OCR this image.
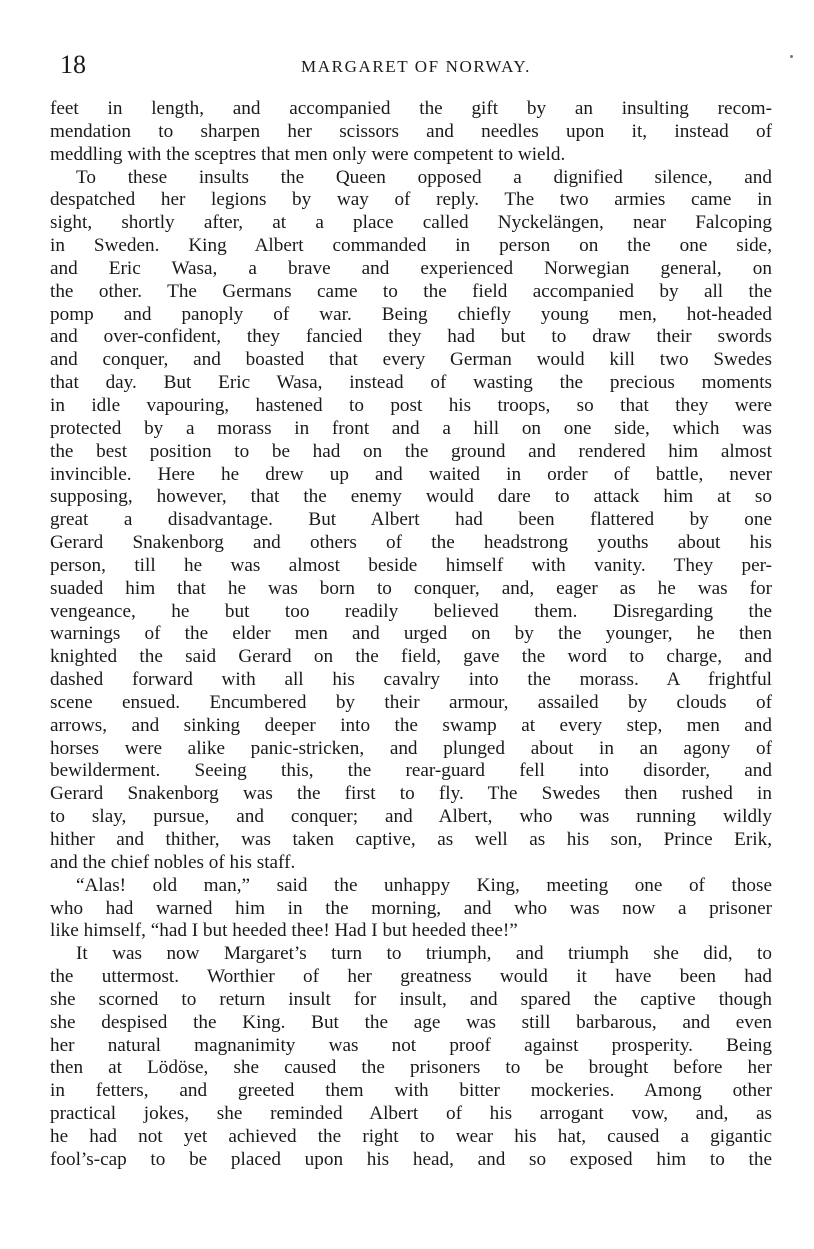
18	MARGARET OF NORWAY.
feet in length, and accompanied the gift by an insulting recom-
mendation to sharpen her scissors and needles upon it, instead of
meddling with the sceptres that men only were competent to wield.
To these insults the Queen opposed a dignified silence, and
despatched her legions by way of reply. The two armies came in
sight, shortly after, at a place called Nyckelängen, near Falcoping
in Sweden. King Albert commanded in person on the one side,
and Eric Wasa, a brave and experienced Norwegian general, on
the other. The Germans came to the field accompanied by all the
pomp and panoply of war. Being chiefly young men, hot-headed
and over-confident, they fancied they had but to draw their swords
and conquer, and boasted that every German would kill two Swedes
that day. But Eric Wasa, instead of wasting the precious moments
in idle vapouring, hastened to post his troops, so that they were
protected by a morass in front and a hill on one side, which was
the best position to be had on the ground and rendered him almost
invincible. Here he drew up and waited in order of battle, never
supposing, however, that the enemy would dare to attack him at so
great a disadvantage. But Albert had been flattered by one
Gerard Snakenborg and others of the headstrong youths about his
person, till he was almost beside himself with vanity. They per-
suaded him that he was born to conquer, and, eager as he was for
vengeance, he but too readily believed them. Disregarding the
warnings of the elder men and urged on by the younger, he then
knighted the said Gerard on the field, gave the word to charge, and
dashed forward with all his cavalry into the morass. A frightful
scene ensued. Encumbered by their armour, assailed by clouds of
arrows, and sinking deeper into the swamp at every step, men and
horses were alike panic-stricken, and plunged about in an agony of
bewilderment. Seeing this, the rear-guard fell into disorder, and
Gerard Snakenborg was the first to fly. The Swedes then rushed in
to slay, pursue, and conquer; and Albert, who was running wildly
hither and thither, was taken captive, as well as his son, Prince Erik,
and the chief nobles of his staff.
“Alas! old man,” said the unhappy King, meeting one of those
who had warned him in the morning, and who was now a prisoner
like himself, “had I but heeded thee! Had I but heeded thee!”
It was now Margaret’s turn to triumph, and triumph she did, to
the uttermost. Worthier of her greatness would it have been had
she scorned to return insult for insult, and spared the captive though
she despised the King. But the age was still barbarous, and even
her natural magnanimity was not proof against prosperity. Being
then at Lödöse, she caused the prisoners to be brought before her
in fetters, and greeted them with bitter mockeries. Among other
practical jokes, she reminded Albert of his arrogant vow, and, as
he had not yet achieved the right to wear his hat, caused a gigantic
fool’s-cap to be placed upon his head, and so exposed him to the
